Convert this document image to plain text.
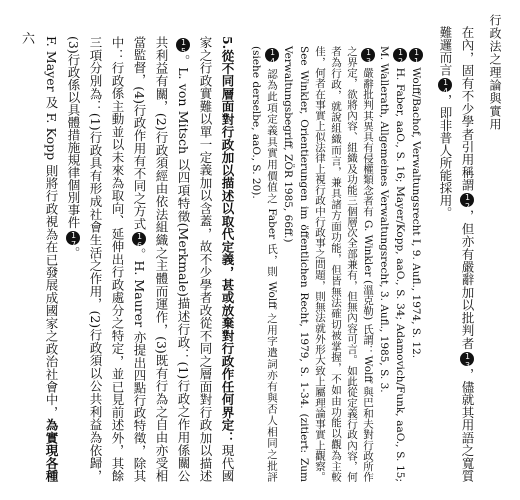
行政法之理論與實用
六	在內，固有不少學者引用稱謂12，但亦有嚴辭加以批判者13，儘就其用語之寬質難邏而言14，即非普人所能採用。

11 Wolff/Bachof, Verwaltungsrecht I, 9. Aufl., 1974, S. 12.

12 H. Faber, aaO., S. 16; Mayer/Kopp, aaO., S. 34; Adamovich/Funk, aaO., S. 15; M. Wallerath, Allgemeines Verwaltungsrecht, 3. Aufl., 1985, S. 3.

13 嚴辭批判其異具有侵權類念者有 G. Winkler (溫克勒) 氏謂：Wolff 與巴和夫對行政所作之界定，欲將內容、組織及功能三個層次全部兼有，但無內容可言。如此從定義行政內容，何者為行政，就說組織而言，兼具諸方面功能，但皆無法確切被掌握，不如由功能以觀為主較佳，何者在事實上似法律上視行政中行政事之問題，則無法就外形大致上屬理論事實上觀察。See Winkler, Orientierungen im öffentlichen Recht, 1979, S. 1-34. (zitiert: Zum Verwaltungsbegriff, ZÖR 1985, 66ff.)

14 認為此項定義具實用價值之 Faber 氏，則 Wolff 之用字遣詞亦有與否人相同之批評 (siehe derselbe, aaO., S. 20).

5.從不同層面對行政加以描述以取代定義，甚或放棄對行政作任何界定：現代國家之行政實難以單一定義加以含蓋，故不少學者改從不同之層面對行政加以描述15。L. von Mitsch 以四項特徵(Merkmale)描述行政：(1)行政之作用係關公共利益有關，(2)行政須經由依法組織之主體而運作，(3)既有行為之自由亦受相當監督，(4)行政作用有不同之方式16。H. Maurer 亦提出四點行政特徵，除其中：行政係主動並以未來為取向、延伸出行政處分之特定，並已見前述外，其餘三項分別為：(1)行政具有形成社會生活之作用，(2)行政須以公共利益為依歸，(3)行政係以具體措施規律個別事件17。

F. Mayer 及 F. Kopp 則將行政視為在已發展成國家之政治社會中，為實現各種
